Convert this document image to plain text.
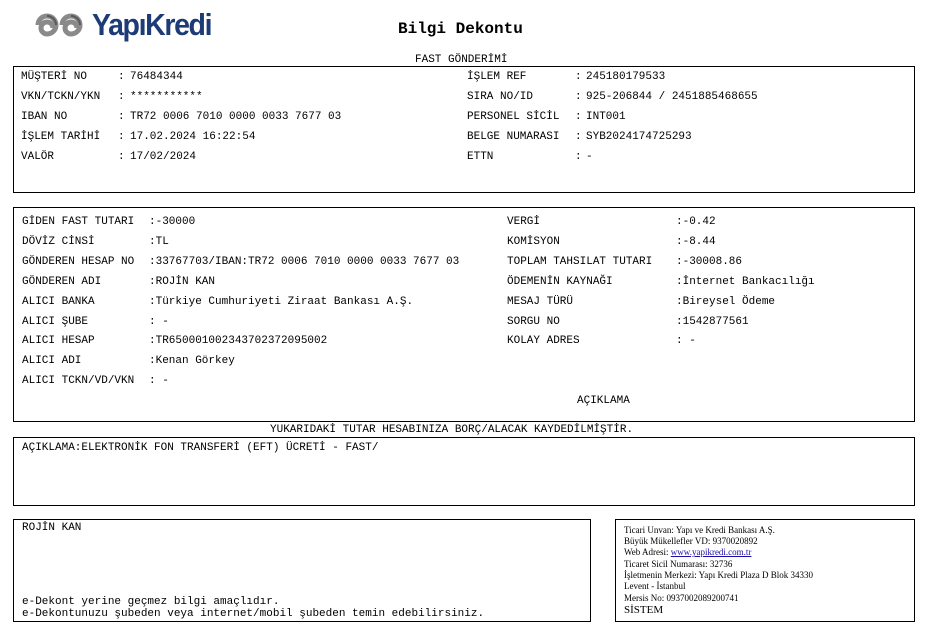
YapıKredi	Bilgi Dekontu
FAST GÖNDERİMİ
MÜŞTERİ NO	: 76484344
VKN/TCKN/YKN : ***********
IBAN NO	: TR72 0006 7010 0000 0033 7677 03
İŞLEM TARİHİ : 17.02.2024 16:22:54
VALÖR	: 17/02/2024
İŞLEM REF	: 245180179533
SIRA NO/ID	: 925-206844 / 2451885468655
PERSONEL SİCİL : INT001
BELGE NUMARASI : SYB2024174725293
ETTN	: -
GİDEN FAST TUTARI :-30000
DÖVİZ CİNSİ	:TL
GÖNDEREN HESAP NO :33767703/IBAN:TR72 0006 7010 0000 0033 7677 03
GÖNDEREN ADI	:ROJİN KAN
ALICI BANKA	:Türkiye Cumhuriyeti Ziraat Bankası A.Ş.
ALICI ŞUBE	: -
ALICI HESAP	:TR650001002343702372095002
ALICI ADI	:Kenan Görkey
ALICI TCKN/VD/VKN : -
VERGİ	:-0.42
KOMİSYON	:-8.44
TOPLAM TAHSILAT TUTARI :-30008.86
ÖDEMENİN KAYNAĞI	:İnternet Bankacılığı
MESAJ TÜRÜ	:Bireysel Ödeme
SORGU NO	:1542877561
KOLAY ADRES	: -
AÇIKLAMA
YUKARIDAKİ TUTAR HESABINIZA BORÇ/ALACAK KAYDEDİLMİŞTİR.
AÇIKLAMA:ELEKTRONİK FON TRANSFERİ (EFT) ÜCRETİ - FAST/
ROJİN KAN
e-Dekont yerine geçmez bilgi amaçlıdır.
e-Dekontunuzu şubeden veya internet/mobil şubeden temin edebilirsiniz.
Ticari Unvan: Yapı ve Kredi Bankası A.Ş.
Büyük Mükellefler VD: 9370020892
Web Adresi: www.yapikredi.com.tr
Ticaret Sicil Numarası: 32736
İşletmenin Merkezi: Yapı Kredi Plaza D Blok 34330
Levent - İstanbul
Mersis No: 0937002089200741
SİSTEM
